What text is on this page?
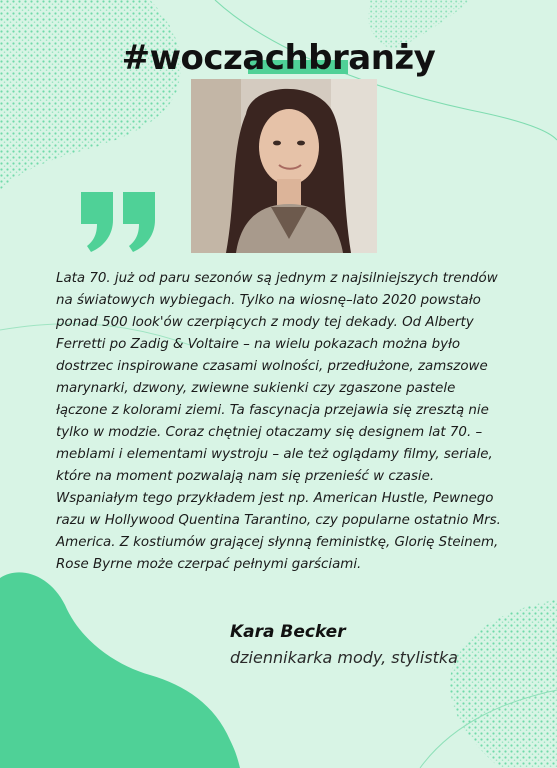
#woczachbranży

Lata 70. już od paru sezonów są jednym z najsilniejszych trendów na światowych wybiegach. Tylko na wiosnę–lato 2020 powstało ponad 500 look'ów czerpiących z mody tej dekady. Od Alberty Ferretti po Zadig & Voltaire – na wielu pokazach można było dostrzec inspirowane czasami wolności, przedłużone, zamszowe marynarki, dzwony, zwiewne sukienki czy zgaszone pastele łączone z kolorami ziemi. Ta fascynacja przejawia się zresztą nie tylko w modzie. Coraz chętniej otaczamy się designem lat 70. – meblami i elementami wystroju – ale też oglądamy filmy, seriale, które na moment pozwalają nam się przenieść w czasie. Wspaniałym tego przykładem jest np. American Hustle, Pewnego razu w Hollywood Quentina Tarantino, czy popularne ostatnio Mrs. America. Z kostiumów grającej słynną feministkę, Glorię Steinem, Rose Byrne może czerpać pełnymi garściami.

Kara Becker
dziennikarka mody, stylistka
